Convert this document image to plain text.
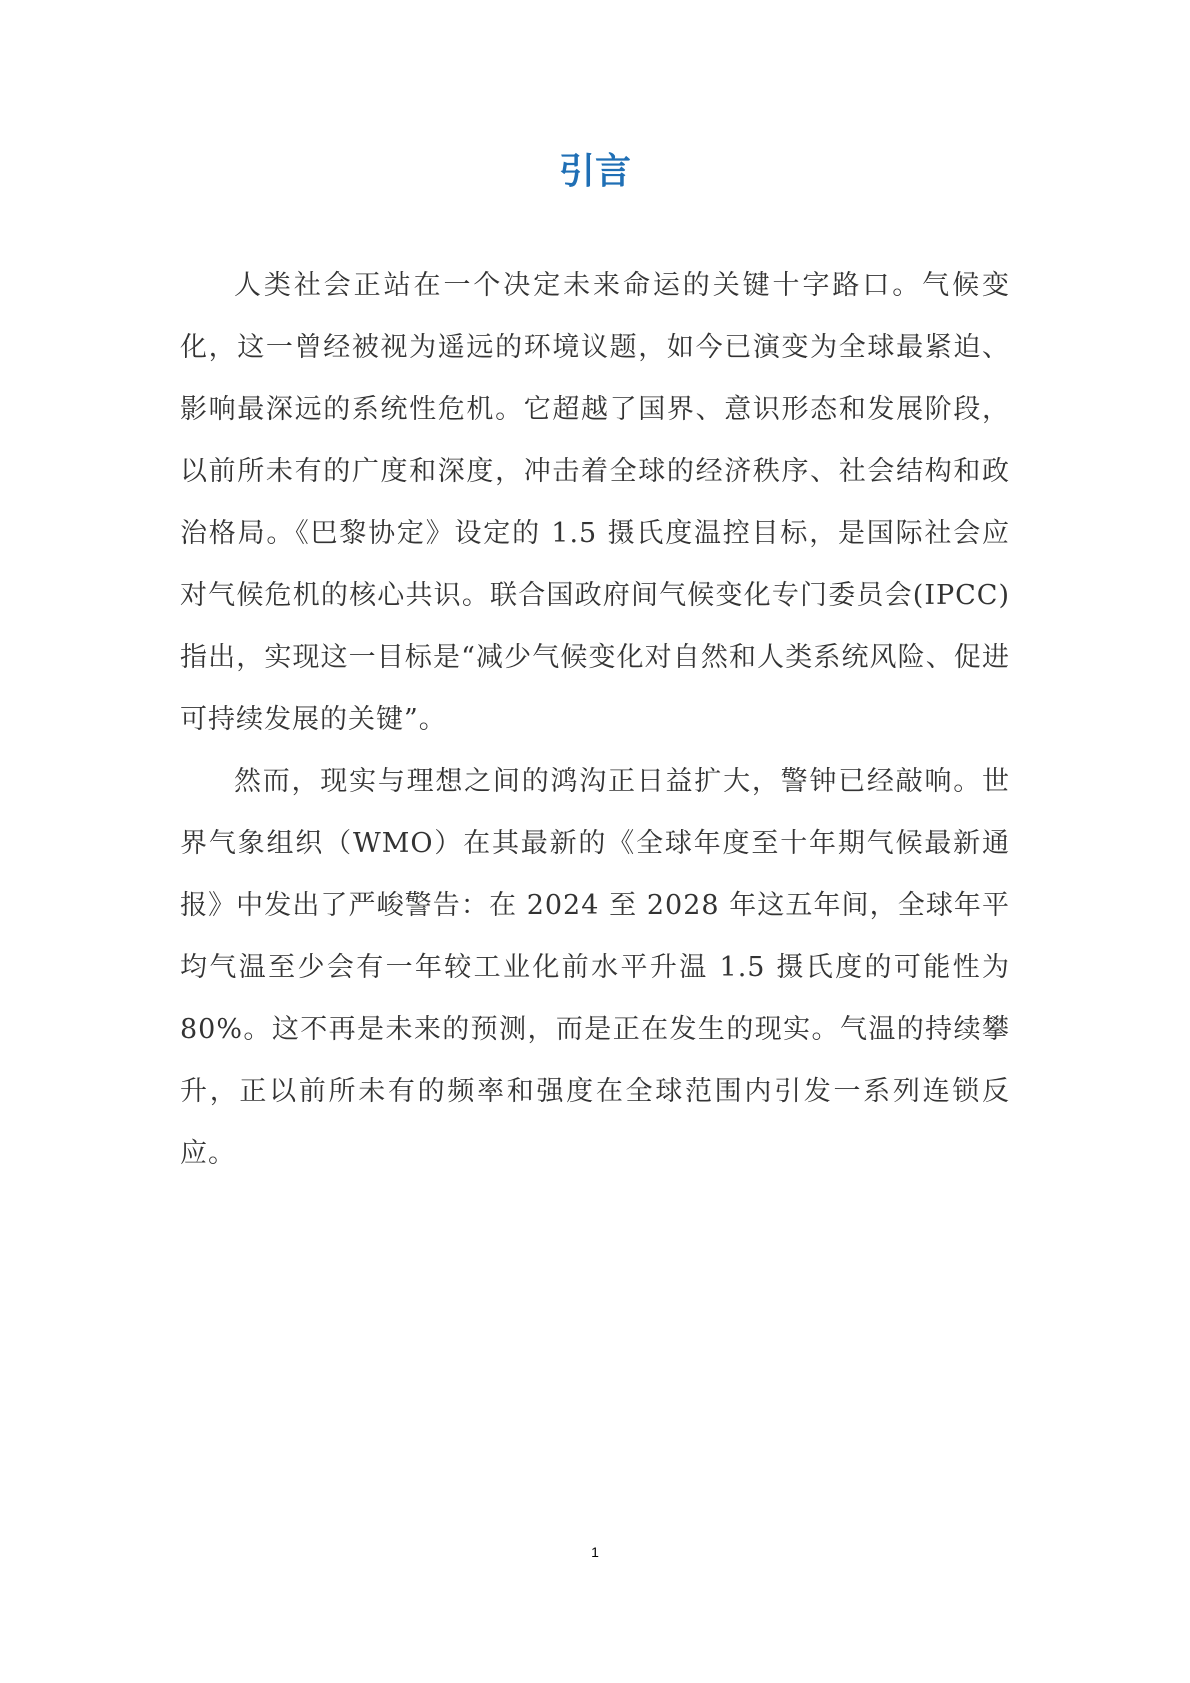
引言

人类社会正站在一个决定未来命运的关键十字路口。气候变化，这一曾经被视为遥远的环境议题，如今已演变为全球最紧迫、影响最深远的系统性危机。它超越了国界、意识形态和发展阶段，以前所未有的广度和深度，冲击着全球的经济秩序、社会结构和政治格局。《巴黎协定》设定的 1.5 摄氏度温控目标，是国际社会应对气候危机的核心共识。联合国政府间气候变化专门委员会(IPCC)指出，实现这一目标是“减少气候变化对自然和人类系统风险、促进可持续发展的关键”。

然而，现实与理想之间的鸿沟正日益扩大，警钟已经敲响。世界气象组织（WMO）在其最新的《全球年度至十年期气候最新通报》中发出了严峻警告：在 2024 至 2028 年这五年间，全球年平均气温至少会有一年较工业化前水平升温 1.5 摄氏度的可能性为 80%。这不再是未来的预测，而是正在发生的现实。气温的持续攀升，正以前所未有的频率和强度在全球范围内引发一系列连锁反应。

1
